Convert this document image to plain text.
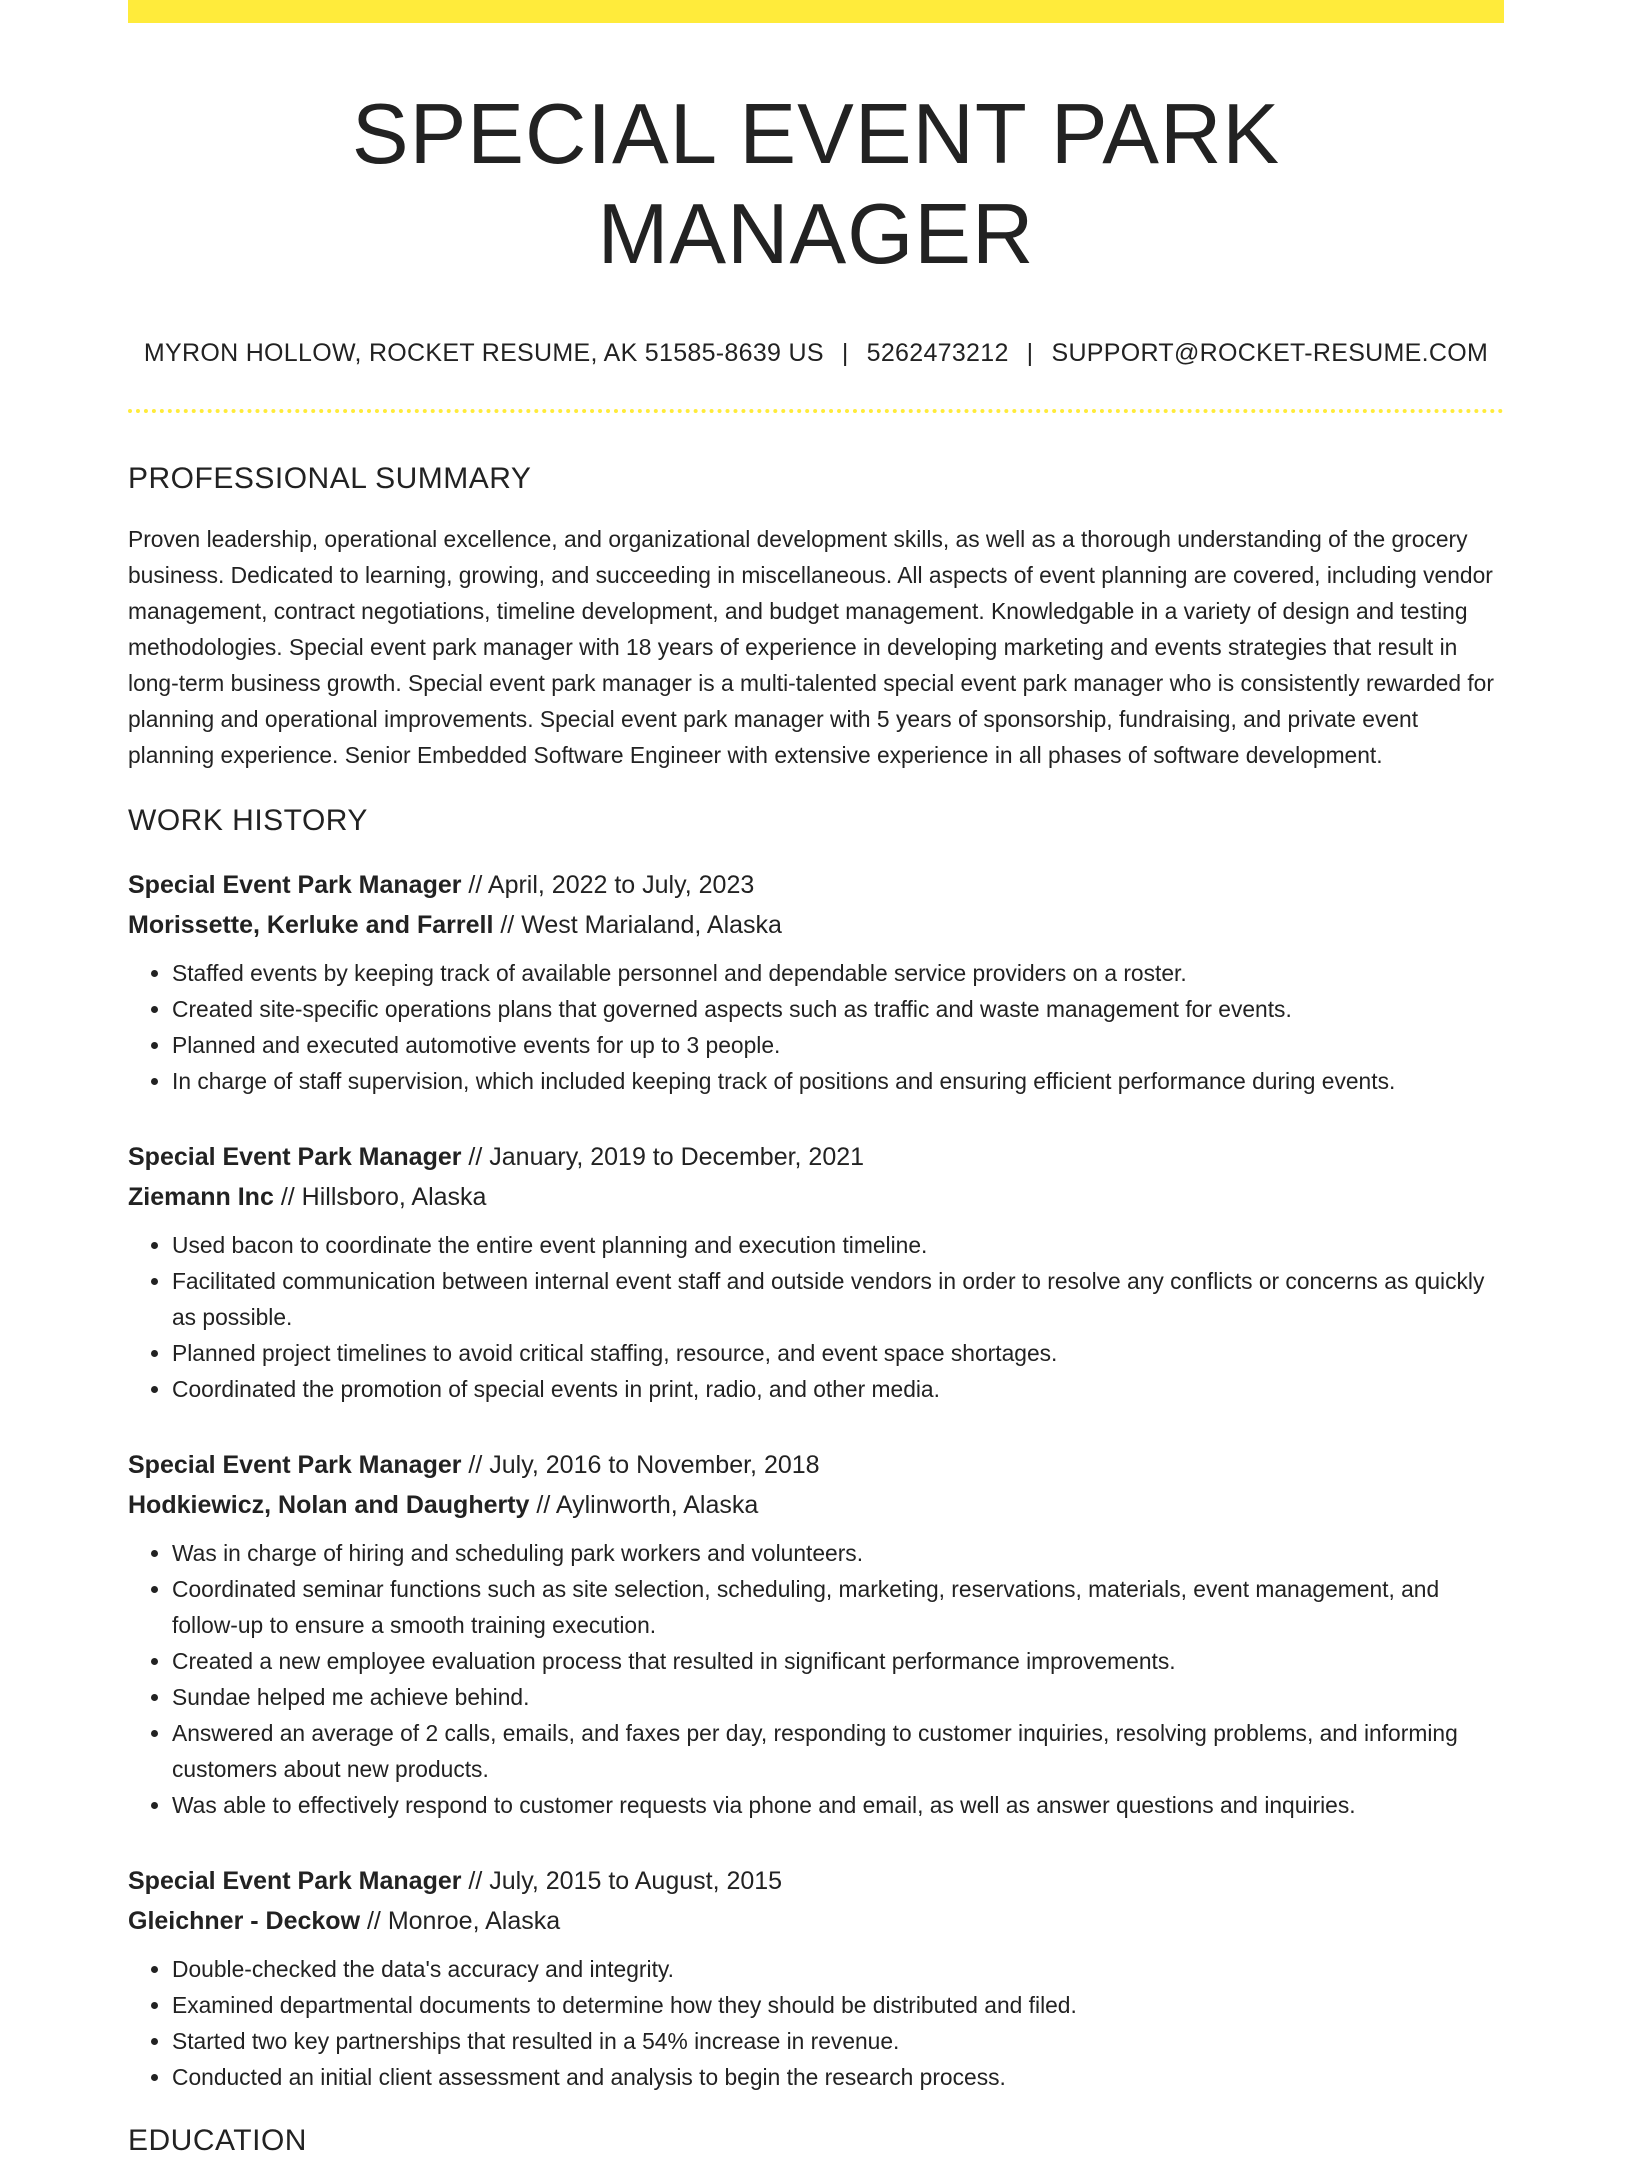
SPECIAL EVENT PARK MANAGER
MYRON HOLLOW, ROCKET RESUME, AK 51585-8639 US | 5262473212 | SUPPORT@ROCKET-RESUME.COM
PROFESSIONAL SUMMARY

Proven leadership, operational excellence, and organizational development skills, as well as a thorough understanding of the grocery business. Dedicated to learning, growing, and succeeding in miscellaneous. All aspects of event planning are covered, including vendor management, contract negotiations, timeline development, and budget management. Knowledgable in a variety of design and testing methodologies. Special event park manager with 18 years of experience in developing marketing and events strategies that result in long-term business growth. Special event park manager is a multi-talented special event park manager who is consistently rewarded for planning and operational improvements. Special event park manager with 5 years of sponsorship, fundraising, and private event planning experience. Senior Embedded Software Engineer with extensive experience in all phases of software development.

WORK HISTORY
Special Event Park Manager // April, 2022 to July, 2023
Morissette, Kerluke and Farrell // West Marialand, Alaska
• Staffed events by keeping track of available personnel and dependable service providers on a roster.
• Created site-specific operations plans that governed aspects such as traffic and waste management for events.
• Planned and executed automotive events for up to 3 people.
• In charge of staff supervision, which included keeping track of positions and ensuring efficient performance during events.
Special Event Park Manager // January, 2019 to December, 2021
Ziemann Inc // Hillsboro, Alaska
• Used bacon to coordinate the entire event planning and execution timeline.
• Facilitated communication between internal event staff and outside vendors in order to resolve any conflicts or concerns as quickly as possible.
• Planned project timelines to avoid critical staffing, resource, and event space shortages.
• Coordinated the promotion of special events in print, radio, and other media.
Special Event Park Manager // July, 2016 to November, 2018
Hodkiewicz, Nolan and Daugherty // Aylinworth, Alaska
• Was in charge of hiring and scheduling park workers and volunteers.
• Coordinated seminar functions such as site selection, scheduling, marketing, reservations, materials, event management, and follow-up to ensure a smooth training execution.
• Created a new employee evaluation process that resulted in significant performance improvements.
• Sundae helped me achieve behind.
• Answered an average of 2 calls, emails, and faxes per day, responding to customer inquiries, resolving problems, and informing customers about new products.
• Was able to effectively respond to customer requests via phone and email, as well as answer questions and inquiries.
Special Event Park Manager // July, 2015 to August, 2015
Gleichner - Deckow // Monroe, Alaska
• Double-checked the data's accuracy and integrity.
• Examined departmental documents to determine how they should be distributed and filed.
• Started two key partnerships that resulted in a 54% increase in revenue.
• Conducted an initial client assessment and analysis to begin the research process.
EDUCATION
